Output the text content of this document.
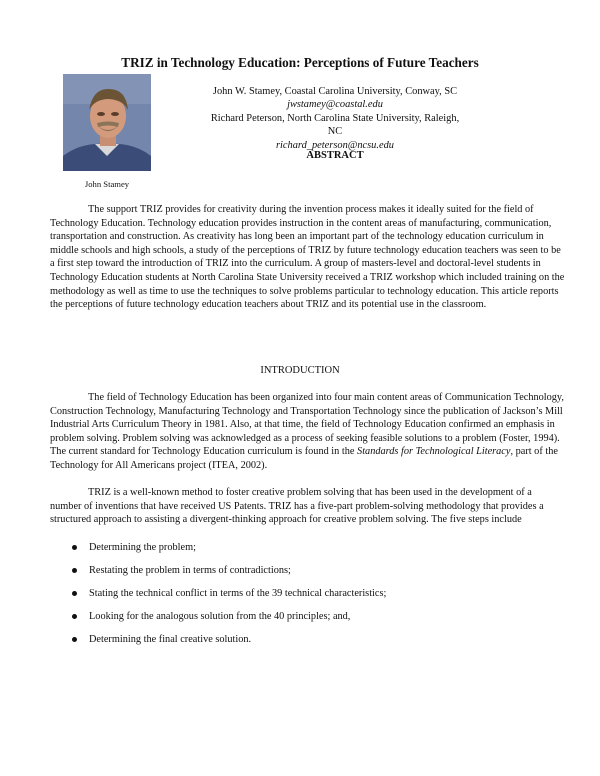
TRIZ in Technology Education: Perceptions of Future Teachers
John Stamey
John W. Stamey, Coastal Carolina University, Conway, SC
jwstamey@coastal.edu
Richard Peterson, North Carolina State University, Raleigh, NC
richard_peterson@ncsu.edu
ABSTRACT
The support TRIZ provides for creativity during the invention process makes it ideally suited for the field of Technology Education. Technology education provides instruction in the content areas of manufacturing, communication, transportation and construction. As creativity has long been an important part of the technology education curriculum in middle schools and high schools, a study of the perceptions of TRIZ by future technology education teachers was seen to be a first step toward the introduction of TRIZ into the curriculum. A group of masters-level and doctoral-level students in Technology Education students at North Carolina State University received a TRIZ workshop which included training on the methodology as well as time to use the techniques to solve problems particular to technology education. This article reports the perceptions of future technology education teachers about TRIZ and its potential use in the classroom.
INTRODUCTION
The field of Technology Education has been organized into four main content areas of Communication Technology, Construction Technology, Manufacturing Technology and Transportation Technology since the publication of Jackson’s Mill Industrial Arts Curriculum Theory in 1981. Also, at that time, the field of Technology Education confirmed an emphasis in problem solving. Problem solving was acknowledged as a process of seeking feasible solutions to a problem (Foster, 1994). The current standard for Technology Education curriculum is found in the Standards for Technological Literacy, part of the Technology for All Americans project (ITEA, 2002).
TRIZ is a well-known method to foster creative problem solving that has been used in the development of a number of inventions that have received US Patents. TRIZ has a five-part problem-solving methodology that provides a structured approach to assisting a divergent-thinking approach for creative problem solving. The five steps include
Determining the problem;
Restating the problem in terms of contradictions;
Stating the technical conflict in terms of the 39 technical characteristics;
Looking for the analogous solution from the 40 principles; and,
Determining the final creative solution.
